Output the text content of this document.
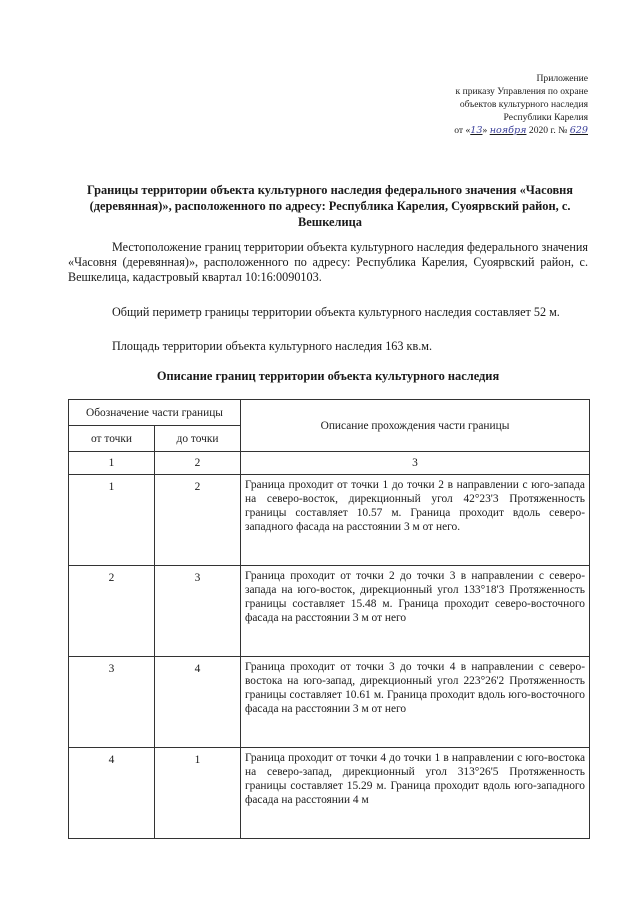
Приложение
к приказу Управления по охране
объектов культурного наследия
Республики Карелия
от «13» ноября 2020 г. № 629
Границы территории объекта культурного наследия федерального значения «Часовня (деревянная)», расположенного по адресу: Республика Карелия, Суоярвский район, с. Вешкелица

Местоположение границ территории объекта культурного наследия федерального значения «Часовня (деревянная)», расположенного по адресу: Республика Карелия, Суоярвский район, с. Вешкелица, кадастровый квартал 10:16:0090103.

Общий периметр границы территории объекта культурного наследия составляет 52 м.

Площадь территории объекта культурного наследия 163 кв.м.

Описание границ территории объекта культурного наследия
Обозначение части границы		Описание прохождения части границы
от точки	до точки	
1	2	3
1	2	Граница проходит от точки 1 до точки 2 в направлении с юго-запада на северо-восток, дирекционный угол 42°23'3 Протяженность границы составляет 10.57 м. Граница проходит вдоль северо-западного фасада на расстоянии 3 м от него.
2	3	Граница проходит от точки 2 до точки 3 в направлении с северо-запада на юго-восток, дирекционный угол 133°18'3 Протяженность границы составляет 15.48 м. Граница проходит северо-восточного фасада на расстоянии 3 м от него
3	4	Граница проходит от точки 3 до точки 4 в направлении с северо-востока на юго-запад, дирекционный угол 223°26'2 Протяженность границы составляет 10.61 м. Граница проходит вдоль юго-восточного фасада на расстоянии 3 м от него
4	1	Граница проходит от точки 4 до точки 1 в направлении с юго-востока на северо-запад, дирекционный угол 313°26'5 Протяженность границы составляет 15.29 м. Граница проходит вдоль юго-западного фасада на расстоянии 4 м
